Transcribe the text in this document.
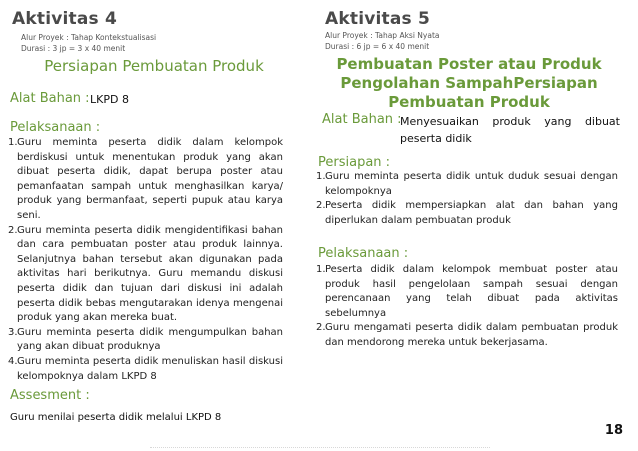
Aktivitas 4
Alur Proyek : Tahap Kontekstualisasi
Durasi : 3 jp = 3 x 40 menit
Persiapan Pembuatan Produk
Alat Bahan : LKPD 8
Pelaksanaan :
1. Guru meminta peserta didik dalam kelompok berdiskusi untuk menentukan produk yang akan dibuat peserta didik, dapat berupa poster atau pemanfaatan sampah untuk menghasilkan karya/ produk yang bermanfaat, seperti pupuk atau karya seni.
2. Guru meminta peserta didik mengidentifikasi bahan dan cara pembuatan poster atau produk lainnya. Selanjutnya bahan tersebut akan digunakan pada aktivitas hari berikutnya. Guru memandu diskusi peserta didik dan tujuan dari diskusi ini adalah peserta didik bebas mengutarakan idenya mengenai produk yang akan mereka buat.
3. Guru meminta peserta didik mengumpulkan bahan yang akan dibuat produknya
4. Guru meminta peserta didik menuliskan hasil diskusi kelompoknya dalam LKPD 8
Assesment :
Guru menilai peserta didik melalui LKPD 8
Aktivitas 5
Alur Proyek : Tahap Aksi Nyata
Durasi : 6 jp = 6 x 40 menit
Pembuatan Poster atau Produk
Pengolahan SampahPersiapan
Pembuatan Produk
Alat Bahan :
Menyesuaikan produk yang dibuat peserta didik
Persiapan :
1. Guru meminta peserta didik untuk duduk sesuai dengan kelompoknya
2. Peserta didik mempersiapkan alat dan bahan yang diperlukan dalam pembuatan produk
Pelaksanaan :
1. Peserta didik dalam kelompok membuat poster atau produk hasil pengelolaan sampah sesuai dengan perencanaan yang telah dibuat pada aktivitas sebelumnya
2. Guru mengamati peserta didik dalam pembuatan produk dan mendorong mereka untuk bekerjasama.
18
